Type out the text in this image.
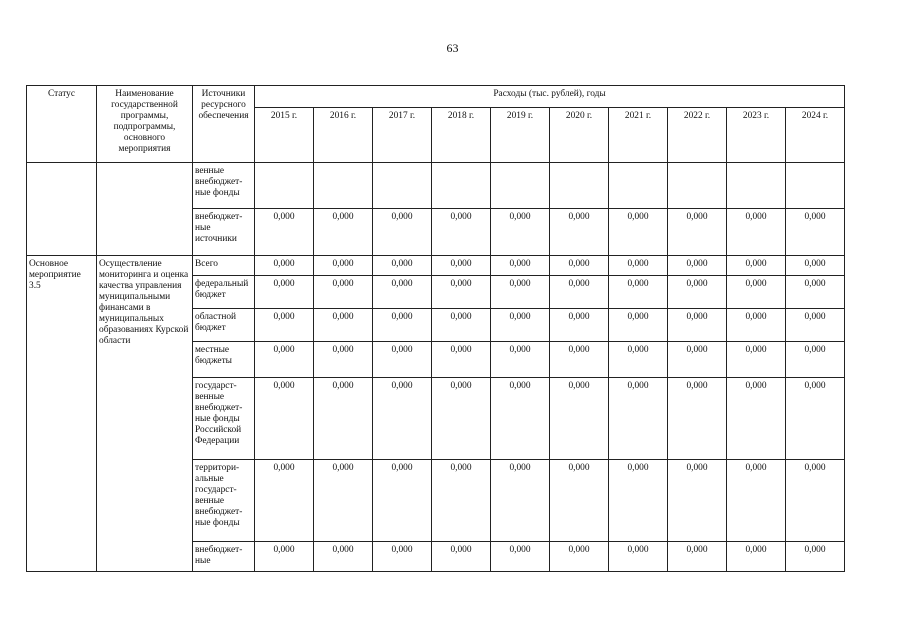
63
Статус	Наименование государственной программы, подпрограммы, основного мероприятия	Источники ресурсного обеспечения	Расходы (тыс. рублей), годы									
			2015 г.	2016 г.	2017 г.	2018 г.	2019 г.	2020 г.	2021 г.	2022 г.	2023 г.	2024 г.
		венные внебюджет-ные фонды										
		внебюджет-ные источники	0,000	0,000	0,000	0,000	0,000	0,000	0,000	0,000	0,000	0,000
Основное мероприятие 3.5	Осуществление мониторинга и оценка качества управления муниципальными финансами в муниципальных образованиях Курской области	Всего	0,000	0,000	0,000	0,000	0,000	0,000	0,000	0,000	0,000	0,000
		федеральный бюджет	0,000	0,000	0,000	0,000	0,000	0,000	0,000	0,000	0,000	0,000
		областной бюджет	0,000	0,000	0,000	0,000	0,000	0,000	0,000	0,000	0,000	0,000
		местные бюджеты	0,000	0,000	0,000	0,000	0,000	0,000	0,000	0,000	0,000	0,000
		государст-венные внебюджет-ные фонды Российской Федерации	0,000	0,000	0,000	0,000	0,000	0,000	0,000	0,000	0,000	0,000
		территори-альные государст-венные внебюджет-ные фонды	0,000	0,000	0,000	0,000	0,000	0,000	0,000	0,000	0,000	0,000
		внебюджет-ные	0,000	0,000	0,000	0,000	0,000	0,000	0,000	0,000	0,000	0,000
